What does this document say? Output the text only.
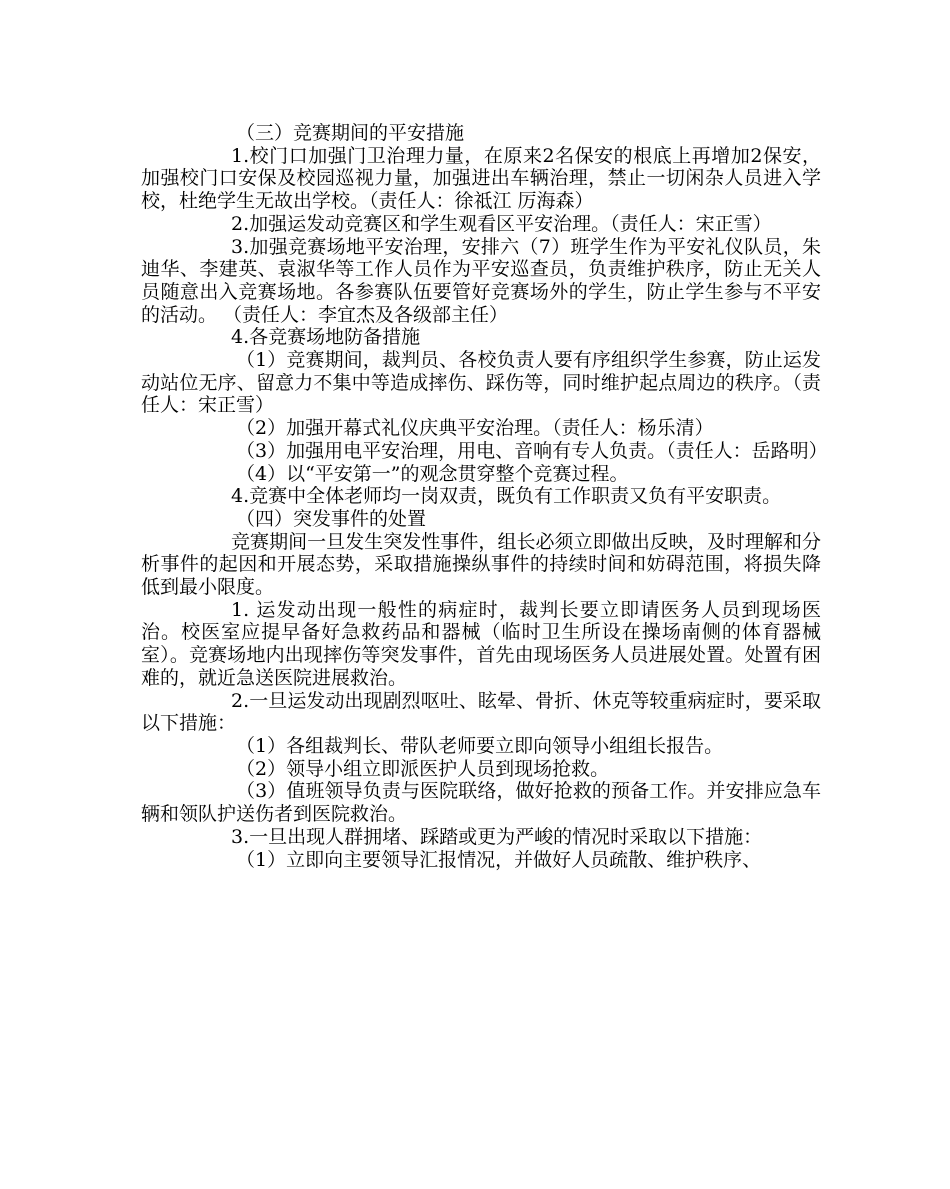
（三）竞赛期间的平安措施

1.校门口加强门卫治理力量，在原来2名保安的根底上再增加2保安，加强校门口安保及校园巡视力量，加强进出车辆治理，禁止一切闲杂人员进入学校，杜绝学生无故出学校。（责任人：徐祗江 厉海森）

2.加强运发动竞赛区和学生观看区平安治理。（责任人：宋正雪）

3.加强竞赛场地平安治理，安排六（7）班学生作为平安礼仪队员，朱迪华、李建英、袁淑华等工作人员作为平安巡查员，负责维护秩序，防止无关人员随意出入竞赛场地。各参赛队伍要管好竞赛场外的学生，防止学生参与不平安的活动。 （责任人：李宜杰及各级部主任）

4.各竞赛场地防备措施

（1）竞赛期间，裁判员、各校负责人要有序组织学生参赛，防止运发动站位无序、留意力不集中等造成摔伤、踩伤等，同时维护起点周边的秩序。（责任人：宋正雪）

（2）加强开幕式礼仪庆典平安治理。（责任人：杨乐清）

（3）加强用电平安治理，用电、音响有专人负责。（责任人：岳路明）

（4）以“平安第一”的观念贯穿整个竞赛过程。

4.竞赛中全体老师均一岗双责，既负有工作职责又负有平安职责。

（四）突发事件的处置

竞赛期间一旦发生突发性事件，组长必须立即做出反映，及时理解和分析事件的起因和开展态势，采取措施操纵事件的持续时间和妨碍范围，将损失降低到最小限度。

1. 运发动出现一般性的病症时，裁判长要立即请医务人员到现场医治。校医室应提早备好急救药品和器械（临时卫生所设在操场南侧的体育器械室）。竞赛场地内出现摔伤等突发事件，首先由现场医务人员进展处置。处置有困难的，就近急送医院进展救治。

2.一旦运发动出现剧烈呕吐、眩晕、骨折、休克等较重病症时，要采取以下措施：

（1）各组裁判长、带队老师要立即向领导小组组长报告。

（2）领导小组立即派医护人员到现场抢救。

（3）值班领导负责与医院联络，做好抢救的预备工作。并安排应急车辆和领队护送伤者到医院救治。

3.一旦出现人群拥堵、踩踏或更为严峻的情况时采取以下措施：

（1）立即向主要领导汇报情况，并做好人员疏散、维护秩序、
